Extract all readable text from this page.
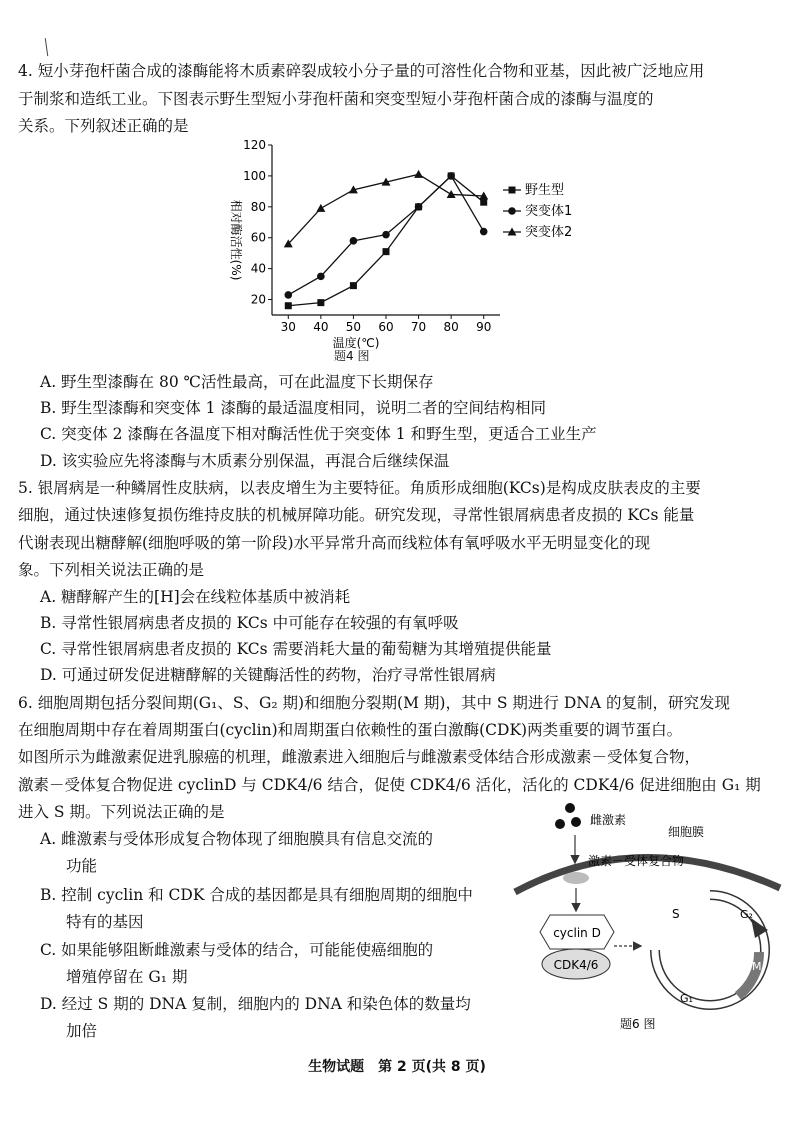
4. 短小芽孢杆菌合成的漆酶能将木质素碎裂成较小分子量的可溶性化合物和亚基，因此被广泛地应用
于制浆和造纸工业。下图表示野生型短小芽孢杆菌和突变型短小芽孢杆菌合成的漆酶与温度的
关系。下列叙述正确的是
20
40
60
80
100
120
30 40 50 60 70 80 90
温度(℃)
相对酶活性(%)
野生型
突变体1
突变体2
题4 图
A. 野生型漆酶在 80 ℃活性最高，可在此温度下长期保存
B. 野生型漆酶和突变体 1 漆酶的最适温度相同，说明二者的空间结构相同
C. 突变体 2 漆酶在各温度下相对酶活性优于突变体 1 和野生型，更适合工业生产
D. 该实验应先将漆酶与木质素分别保温，再混合后继续保温
5. 银屑病是一种鳞屑性皮肤病，以表皮增生为主要特征。角质形成细胞(KCs)是构成皮肤表皮的主要
细胞，通过快速修复损伤维持皮肤的机械屏障功能。研究发现，寻常性银屑病患者皮损的 KCs 能量
代谢表现出糖酵解(细胞呼吸的第一阶段)水平异常升高而线粒体有氧呼吸水平无明显变化的现
象。下列相关说法正确的是
A. 糖酵解产生的[H]会在线粒体基质中被消耗
B. 寻常性银屑病患者皮损的 KCs 中可能存在较强的有氧呼吸
C. 寻常性银屑病患者皮损的 KCs 需要消耗大量的葡萄糖为其增殖提供能量
D. 可通过研发促进糖酵解的关键酶活性的药物，治疗寻常性银屑病
6. 细胞周期包括分裂间期(G₁、S、G₂ 期)和细胞分裂期(M 期)，其中 S 期进行 DNA 的复制，研究发现
在细胞周期中存在着周期蛋白(cyclin)和周期蛋白依赖性的蛋白激酶(CDK)两类重要的调节蛋白。
如图所示为雌激素促进乳腺癌的机理，雌激素进入细胞后与雌激素受体结合形成激素－受体复合物，
激素－受体复合物促进 cyclinD 与 CDK4/6 结合，促使 CDK4/6 活化，活化的 CDK4/6 促进细胞由 G₁ 期
进入 S 期。下列说法正确的是
A. 雌激素与受体形成复合物体现了细胞膜具有信息交流的
功能
B. 控制 cyclin 和 CDK 合成的基因都是具有细胞周期的细胞中
特有的基因
C. 如果能够阻断雌激素与受体的结合，可能能使癌细胞的
增殖停留在 G₁ 期
D. 经过 S 期的 DNA 复制，细胞内的 DNA 和染色体的数量均
加倍
雌激素
细胞膜
激素－受体复合物
cyclin D
CDK4/6
S	G₂
M
G₁
题6 图
生物试题　第 2 页(共 8 页)
